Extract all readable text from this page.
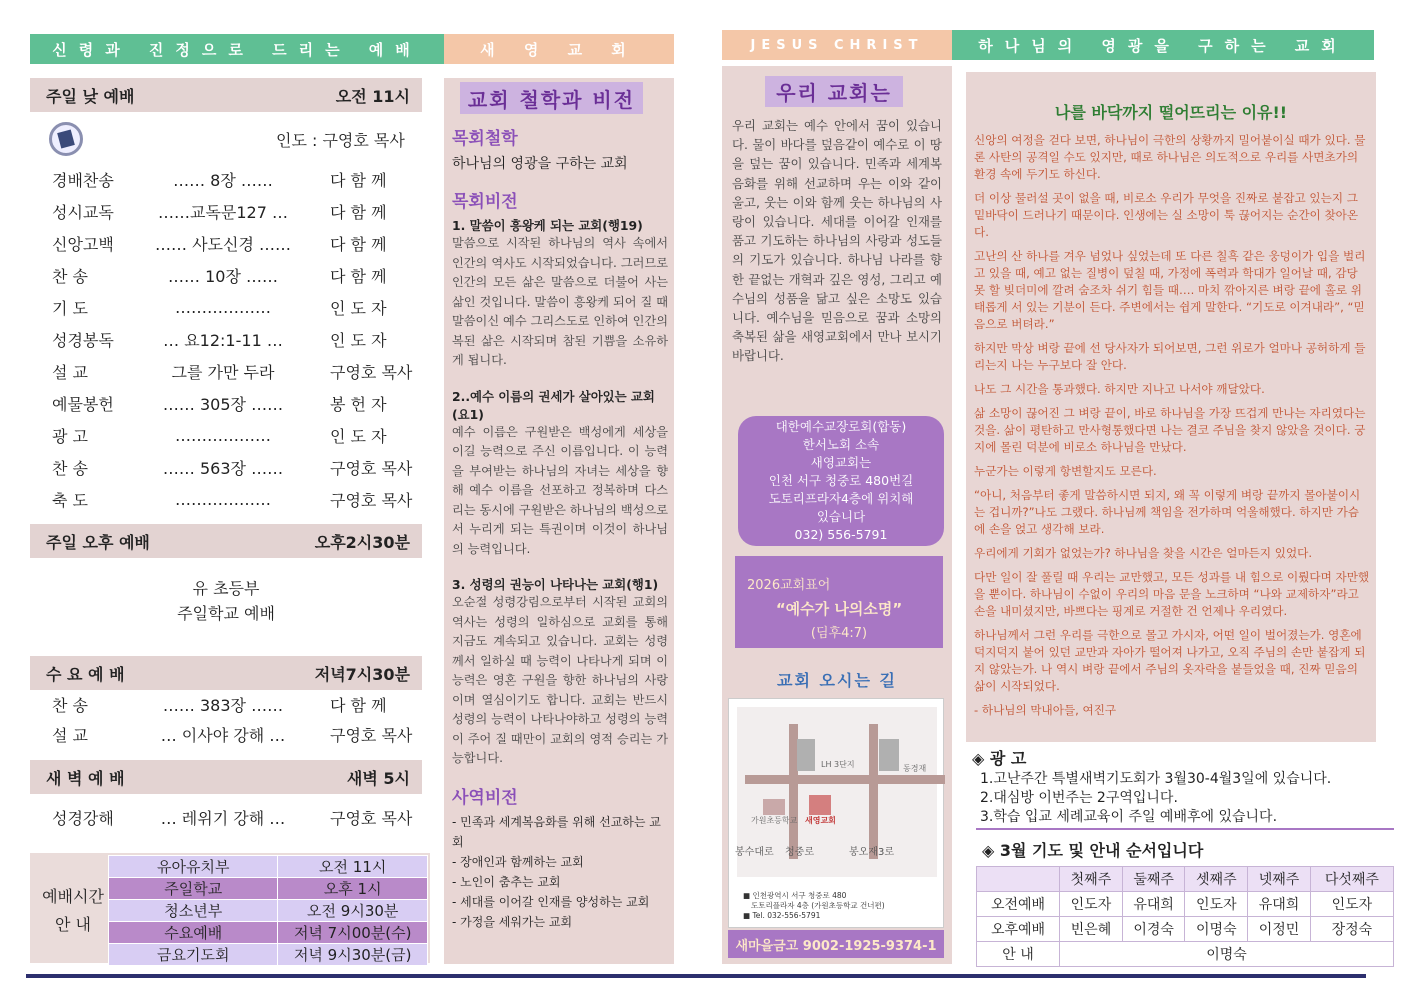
신령과 진정으로 드리는 예배	새 영 교 회	JESUS CHRIST	하나님의 영광을 구하는 교회
주일 낮 예배	오전 11시
인도 : 구영호 목사
경배찬송	…… 8장 ……	다 함 께
성시교독	……교독문127 …	다 함 께
신앙고백	…… 사도신경 ……	다 함 께
찬 송	…… 10장 ……	다 함 께
기 도	………………	인 도 자
성경봉독	… 요12:1-11 …	인 도 자
설 교	그를 가만 두라	구영호 목사
예물봉헌	…… 305장 ……	봉 헌 자
광 고	………………	인 도 자
찬 송	…… 563장 ……	구영호 목사
축 도	………………	구영호 목사
주일 오후 예배	오후2시30분
유 초등부
주일학교 예배
수 요 예 배	저녁7시30분
찬 송	…… 383장 ……	다 함 께
설 교	… 이사야 강해 …	구영호 목사
새 벽 예 배	새벽 5시
성경강해	… 레위기 강해 …	구영호 목사
예배시간
안 내
유아유치부	오전 11시
주일학교	오후 1시
청소년부	오전 9시30분
수요예배	저녁 7시00분(수)
금요기도회	저녁 9시30분(금)
교회 철학과 비전
목회철학
하나님의 영광을 구하는 교회
목회비전
1. 말씀이 흥왕케 되는 교회(행19)
말씀으로 시작된 하나님의 역사 속에서 인간의 역사도 시작되었습니다. 그러므로 인간의 모든 삶은 말씀으로 더불어 사는 삶인 것입니다. 말씀이 흥왕케 되어 질 때 말씀이신 예수 그리스도로 인하여 인간의 복된 삶은 시작되며 참된 기쁨을 소유하게 됩니다.
2..예수 이름의 권세가 살아있는 교회(요1)
예수 이름은 구원받은 백성에게 세상을 이길 능력으로 주신 이름입니다. 이 능력을 부여받는 하나님의 자녀는 세상을 향해 예수 이름을 선포하고 정복하며 다스리는 동시에 구원받은 하나님의 백성으로서 누리게 되는 특권이며 이것이 하나님의 능력입니다.
3. 성령의 권능이 나타나는 교회(행1)
오순절 성령강림으로부터 시작된 교회의 역사는 성령의 일하심으로 교회를 통해 지금도 계속되고 있습니다. 교회는 성령께서 일하실 때 능력이 나타나게 되며 이 능력은 영혼 구원을 향한 하나님의 사랑이며 열심이기도 합니다. 교회는 반드시 성령의 능력이 나타나야하고 성령의 능력이 주어 질 때만이 교회의 영적 승리는 가능합니다.
사역비전
- 민족과 세계복음화를 위해 선교하는 교회
- 장애인과 함께하는 교회
- 노인이 춤추는 교회
- 세대를 이어갈 인재를 양성하는 교회
- 가정을 세워가는 교회
우리 교회는
우리 교회는 예수 안에서 꿈이 있습니다. 물이 바다를 덮음같이 예수로 이 땅을 덮는 꿈이 있습니다. 민족과 세계복음화를 위해 선교하며 우는 이와 같이 울고, 웃는 이와 함께 웃는 하나님의 사랑이 있습니다. 세대를 이어갈 인재를 품고 기도하는 하나님의 사랑과 성도들의 기도가 있습니다. 하나님 나라를 향한 끝없는 개혁과 깊은 영성, 그리고 예수님의 성품을 닮고 싶은 소망도 있습니다. 예수님을 믿음으로 꿈과 소망의 축복된 삶을 새영교회에서 만나 보시기 바랍니다.
대한예수교장로회(합동)
한서노회 소속
새영교회는
인천 서구 청중로 480번길
도토리프라자4층에 위치해
있습니다
032) 556-5791
2026교회표어
“예수가 나의소명”
(딤후4:7)
교회 오시는 길
LH 3단지	동경재
가원초등학교 새영교회
봉수대로 청중로	봉오재3로
■ 인천광역시 서구 청중로 480
도토리플라자 4층 (가원초등학교 건너편)
■ Tel. 032-556-5791
새마을금고 9002-1925-9374-1
나를 바닥까지 떨어뜨리는 이유!!
신앙의 여정을 걷다 보면, 하나님이 극한의 상황까지 밀어붙이실 때가 있다. 물론 사탄의 공격일 수도 있지만, 때로 하나님은 의도적으로 우리를 사면초가의 환경 속에 두기도 하신다.
더 이상 물러설 곳이 없을 때, 비로소 우리가 무엇을 진짜로 붙잡고 있는지 그 밑바닥이 드러나기 때문이다. 인생에는 실 소망이 툭 끊어지는 순간이 찾아온다.
고난의 산 하나를 겨우 넘었나 싶었는데 또 다른 칠흑 같은 웅덩이가 입을 벌리고 있을 때, 예고 없는 질병이 덮칠 때, 가정에 폭력과 학대가 일어날 때, 감당 못 할 빚더미에 깔려 숨조차 쉬기 힘들 때…. 마치 깎아지른 벼랑 끝에 홀로 위태롭게 서 있는 기분이 든다. 주변에서는 쉽게 말한다. “기도로 이겨내라”, “믿음으로 버텨라.”
하지만 막상 벼랑 끝에 선 당사자가 되어보면, 그런 위로가 얼마나 공허하게 들리는지 나는 누구보다 잘 안다.
나도 그 시간을 통과했다. 하지만 지나고 나서야 깨달았다.
삶 소망이 끊어진 그 벼랑 끝이, 바로 하나님을 가장 뜨겁게 만나는 자리였다는 것을. 삶이 평탄하고 만사형통했다면 나는 결코 주님을 찾지 않았을 것이다. 궁지에 몰린 덕분에 비로소 하나님을 만났다.
누군가는 이렇게 항변할지도 모른다.
“아니, 처음부터 좋게 말씀하시면 되지, 왜 꼭 이렇게 벼랑 끝까지 몰아붙이시는 겁니까?”나도 그랬다. 하나님께 책임을 전가하며 억울해했다. 하지만 가슴에 손을 얹고 생각해 보라.
우리에게 기회가 없었는가? 하나님을 찾을 시간은 얼마든지 있었다.
다만 일이 잘 풀릴 때 우리는 교만했고, 모든 성과를 내 힘으로 이뤘다며 자만했을 뿐이다. 하나님이 수없이 우리의 마음 문을 노크하며 “나와 교제하자”라고 손을 내미셨지만, 바쁘다는 핑계로 거절한 건 언제나 우리였다.
하나님께서 그런 우리를 극한으로 몰고 가시자, 어떤 일이 벌어졌는가. 영혼에 덕지덕지 붙어 있던 교만과 자아가 떨어져 나가고, 오직 주님의 손만 붙잡게 되지 않았는가. 나 역시 벼랑 끝에서 주님의 옷자락을 붙들었을 때, 진짜 믿음의 삶이 시작되었다.
- 하나님의 막내아들, 여진구
◈ 광 고
1.고난주간 특별새벽기도회가 3월30-4월3일에 있습니다.
2.대심방 이번주는 2구역입니다.
3.학습 입교 세례교육이 주일 예배후에 있습니다.
◈ 3월 기도 및 안내 순서입니다
	첫째주	둘째주	셋째주	넷째주	다섯째주
오전예배	인도자	유대희	인도자	유대희	인도자
오후예배	빈은혜	이경숙	이명숙	이정민	장정숙
안 내	이명숙				
